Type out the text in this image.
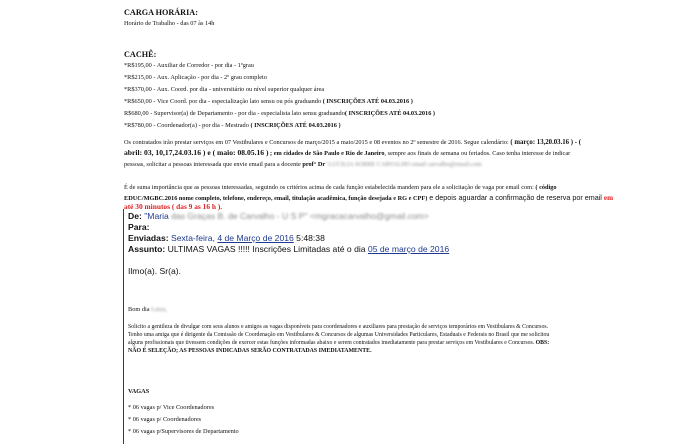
CARGA HORÁRIA:
Horário de Trabalho - das 07 às 14h
CACHÊ:
*R$195,00 - Auxiliar de Corredor - por dia - 1ºgrau
*R$215,00 - Aux. Aplicação - por dia - 2º grau completo
*R$370,00 - Aux. Coord. por dia - universitário ou nível superior qualquer área
*R$650,00 - Vice Coord. por dia - especialização lato sensu ou pós graduando ( INSCRIÇÕES ATÉ 04.03.2016 )
R$680,00 - Supervisor(a) de Departamento - por dia - especialista lato sensu graduando( INSCRIÇÕES ATÉ 04.03.2016 )
*R$780,00 - Coordenador(a) - por dia - Mestrado ( INSCRIÇÕES ATÉ 04.03.2016 )
Os contratados irão prestar serviços em 07 Vestibulares e Concursos de março/2015 a maio/2015 e 08 eventos no 2º semestre de 2016. Segue calendário: ( março: 13,20.03.16 ) - (
abril: 03, 10,17,24.03.16 ) e ( maio: 08.05.16 ) ; em cidades de São Paulo e Rio de Janeiro, sempre aos finais de semana ou feriados. Caso tenha interesse de indicar
pessoas, solicitar a pessoas interessada que envie email para a docente prof° Drª LUCILIA SOBRE CARVALHO email carvalho@email.com
É de suma importância que as pessoas interessadas, seguindo os critérios acima de cada função estabelecida mandem para ele a solicitação de vaga por email com: ( código
EDUC/MGBC.2016 nome completo, telefone, endereço, email, titulação acadêmica, função desejada e RG e CPF) e depois aguardar a confirmação de reserva por email em
até 30 minutos ( das 9 as 16 h ).
De: "Maria das Graças B. de Carvalho - U S P" <mgracacarvalho@gmail.com>
Para:
Enviadas: Sexta-feira, 4 de Março de 2016 5:48:38
Assunto: ULTIMAS VAGAS !!!!! Inscrições Limitadas até o dia 05 de março de 2016
Ilmo(a). Sr(a).
Bom dia Luiza,
Solicito a gentileza de divulgar com seus alunos e amigos as vagas disponíveis para coordenadores e auxiliares para prestação de serviços temporários em Vestibulares & Concursos.
Tenho uma amiga que é dirigente da Comissão de Coordenação em Vestibulares & Concursos de algumas Universidades Particulares, Estaduais e Federais no Brasil que me solicitou
alguns profissionais que tivessem condições de exercer estas funções informadas abaixo e serem contratados imediatamente para prestar serviços em Vestibulares e Concursos. OBS:
NÃO É SELEÇÃO; AS PESSOAS INDICADAS SERÃO CONTRATADAS IMEDIATAMENTE.
VAGAS
* 06 vagas p/ Vice Coordenadores
* 06 vagas p/ Coordenadores
* 06 vagas p/Supervisores de Departamento
